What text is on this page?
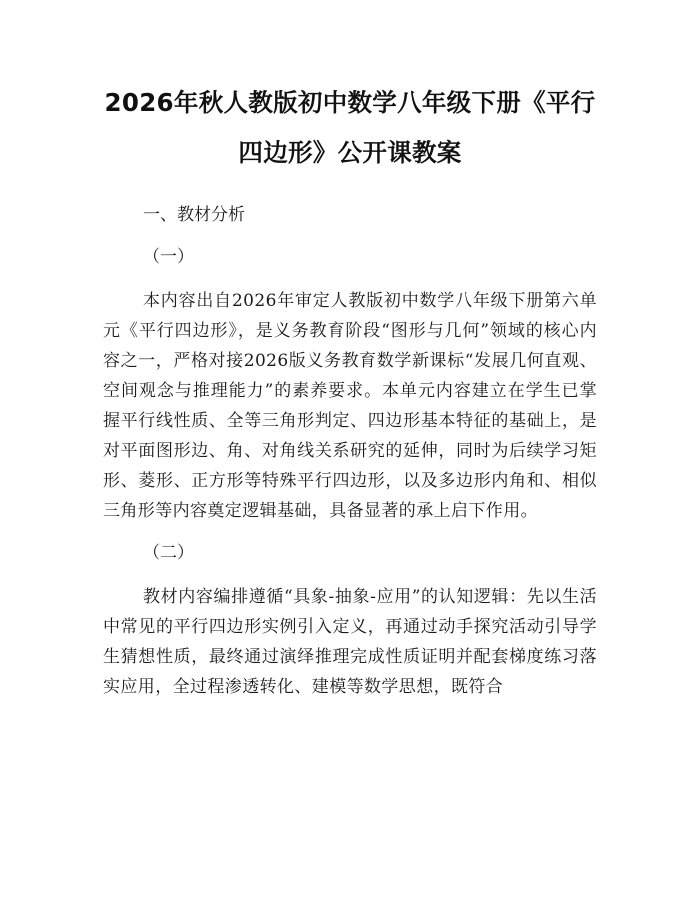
2026年秋人教版初中数学八年级下册《平行
四边形》公开课教案
一、教材分析
（一）

本内容出自2026年审定人教版初中数学八年级下册第六单元《平行四边形》，是义务教育阶段“图形与几何”领域的核心内容之一，严格对接2026版义务教育数学新课标“发展几何直观、空间观念与推理能力”的素养要求。本单元内容建立在学生已掌握平行线性质、全等三角形判定、四边形基本特征的基础上，是对平面图形边、角、对角线关系研究的延伸，同时为后续学习矩形、菱形、正方形等特殊平行四边形，以及多边形内角和、相似三角形等内容奠定逻辑基础，具备显著的承上启下作用。

（二）

教材内容编排遵循“具象-抽象-应用”的认知逻辑：先以生活中常见的平行四边形实例引入定义，再通过动手探究活动引导学生猜想性质，最终通过演绎推理完成性质证明并配套梯度练习落实应用，全过程渗透转化、建模等数学思想，既符合
